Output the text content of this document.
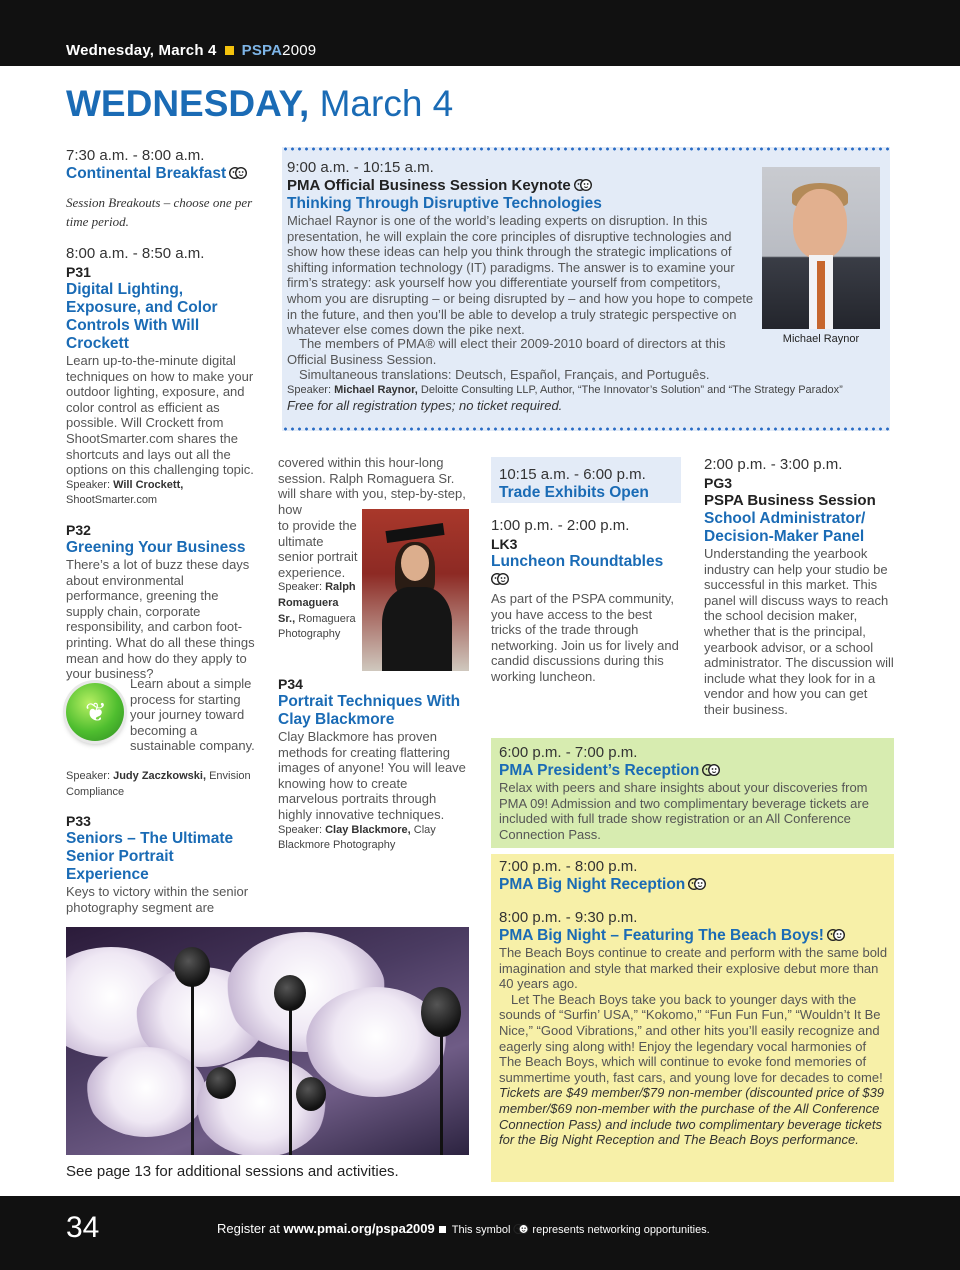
Wednesday, March 4 PSPA2009
WEDNESDAY, March 4
7:30 a.m. - 8:00 a.m.
Continental Breakfast
Session Breakouts – choose one per time period.
8:00 a.m. - 8:50 a.m.
P31
Digital Lighting, Exposure, and Color Controls With Will Crockett
Learn up-to-the-minute digital techniques on how to make your outdoor lighting, exposure, and color control as efficient as possible. Will Crockett from ShootSmarter.com shares the shortcuts and lays out all the options on this challenging topic.
Speaker: Will Crockett, ShootSmarter.com
P32
Greening Your Business
There’s a lot of buzz these days about environmental performance, greening the supply chain, corporate responsibility, and carbon foot-printing. What do all these things mean and how do they apply to your business?
❦
Learn about a simple process for starting your journey toward becoming a sustainable company.
Speaker: Judy Zaczkowski, Envision Compliance
P33
Seniors – The Ultimate Senior Portrait Experience
Keys to victory within the senior photography segment are
9:00 a.m. - 10:15 a.m.
PMA Official Business Session Keynote
Thinking Through Disruptive Technologies
Michael Raynor is one of the world’s leading experts on disruption. In this presentation, he will explain the core principles of disruptive technologies and show how these ideas can help you think through the strategic implications of shifting information technology (IT) paradigms. The answer is to examine your firm’s strategy: ask yourself how you differentiate yourself from competitors, whom you are disrupting – or being disrupted by – and how you hope to compete in the future, and then you’ll be able to develop a truly strategic perspective on whatever else comes down the pike next.
The members of PMA® will elect their 2009-2010 board of directors at this Official Business Session.
Simultaneous translations: Deutsch, Español, Français, and Português.
Speaker: Michael Raynor, Deloitte Consulting LLP, Author, “The Innovator’s Solution” and “The Strategy Paradox”
Free for all registration types; no ticket required.
Michael Raynor
covered within this hour-long session. Ralph Romaguera Sr. will share with you, step-by-step, how
to provide the ultimate senior portrait experience.
Speaker: Ralph Romaguera Sr., Romaguera Photography
P34
Portrait Techniques With Clay Blackmore
Clay Blackmore has proven methods for creating flattering images of anyone! You will leave knowing how to create marvelous portraits through highly innovative techniques.
Speaker: Clay Blackmore, Clay Blackmore Photography
10:15 a.m. - 6:00 p.m.
Trade Exhibits Open
1:00 p.m. - 2:00 p.m.
LK3
Luncheon Roundtables
As part of the PSPA community, you have access to the best tricks of the trade through networking. Join us for lively and candid discussions during this working luncheon.
2:00 p.m. - 3:00 p.m.
PG3
PSPA Business Session
School Administrator/ Decision-Maker Panel
Understanding the yearbook industry can help your studio be successful in this market. This panel will discuss ways to reach the school decision maker, whether that is the principal, yearbook advisor, or a school administrator. The discussion will include what they look for in a vendor and how you can get their business.
6:00 p.m. - 7:00 p.m.
PMA President’s Reception
Relax with peers and share insights about your discoveries from PMA 09! Admission and two complimentary beverage tickets are included with full trade show registration or an All Conference Connection Pass.
7:00 p.m. - 8:00 p.m.
PMA Big Night Reception
8:00 p.m. - 9:30 p.m.
PMA Big Night – Featuring The Beach Boys!
The Beach Boys continue to create and perform with the same bold imagination and style that marked their explosive debut more than 40 years ago.
Let The Beach Boys take you back to younger days with the sounds of “Surfin’ USA,” “Kokomo,” “Fun Fun Fun,” “Wouldn’t It Be Nice,” “Good Vibrations,” and other hits you’ll easily recognize and eagerly sing along with! Enjoy the legendary vocal harmonies of The Beach Boys, which will continue to evoke fond memories of summertime youth, fast cars, and young love for decades to come!
Tickets are $49 member/$79 non-member (discounted price of $39 member/$69 non-member with the purchase of the All Conference Connection Pass) and include two complimentary beverage tickets for the Big Night Reception and The Beach Boys performance.
See page 13 for additional sessions and activities.
34	Register at www.pmai.org/pspa2009 This symbol represents networking opportunities.
